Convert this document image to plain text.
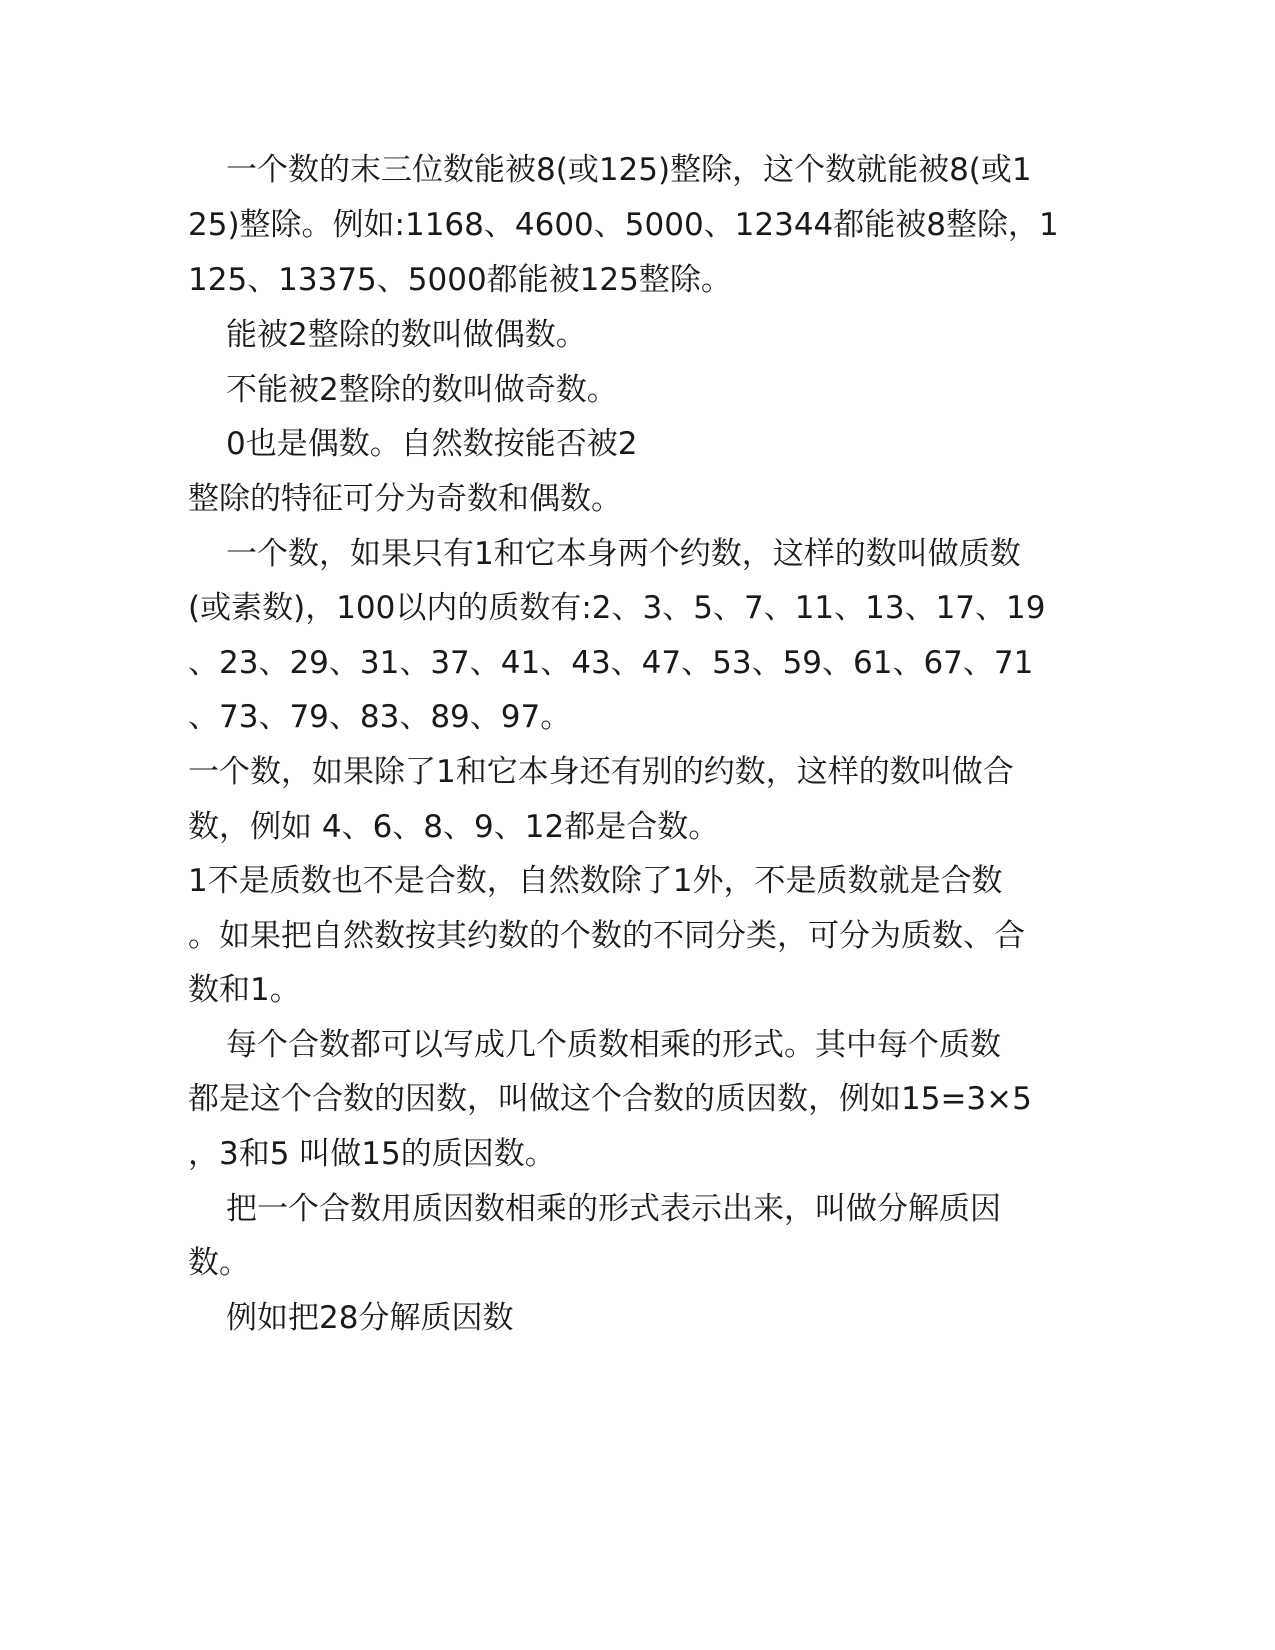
一个数的末三位数能被8(或125)整除，这个数就能被8(或1
25)整除。例如:1168、4600、5000、12344都能被8整除，1
125、13375、5000都能被125整除。
能被2整除的数叫做偶数。
不能被2整除的数叫做奇数。
0也是偶数。自然数按能否被2
整除的特征可分为奇数和偶数。
一个数，如果只有1和它本身两个约数，这样的数叫做质数
(或素数)，100以内的质数有:2、3、5、7、11、13、17、19
、23、29、31、37、41、43、47、53、59、61、67、71
、73、79、83、89、97。
一个数，如果除了1和它本身还有别的约数，这样的数叫做合
数，例如 4、6、8、9、12都是合数。
1不是质数也不是合数，自然数除了1外，不是质数就是合数
。如果把自然数按其约数的个数的不同分类，可分为质数、合
数和1。
每个合数都可以写成几个质数相乘的形式。其中每个质数
都是这个合数的因数，叫做这个合数的质因数，例如15=3×5
，3和5 叫做15的质因数。
把一个合数用质因数相乘的形式表示出来，叫做分解质因
数。
例如把28分解质因数
